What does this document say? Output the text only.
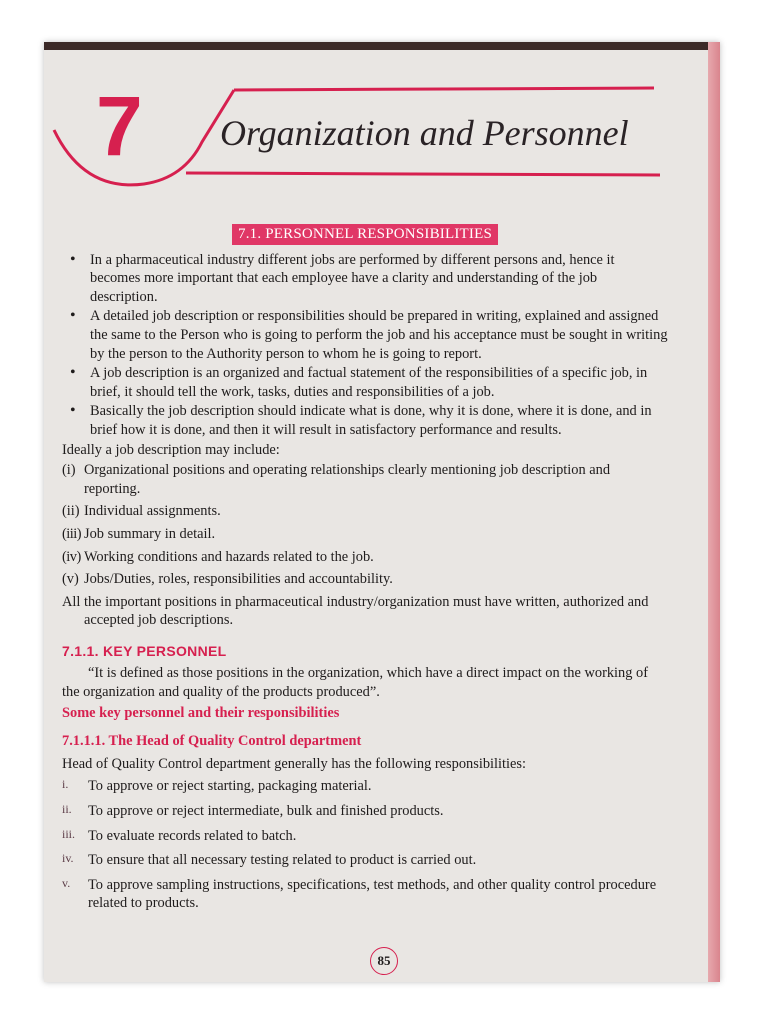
7 Organization and Personnel
7.1. PERSONNEL RESPONSIBILITIES
• In a pharmaceutical industry different jobs are performed by different persons and, hence it becomes more important that each employee have a clarity and understanding of the job description.
• A detailed job description or responsibilities should be prepared in writing, explained and assigned the same to the Person who is going to perform the job and his acceptance must be sought in writing by the person to the Authority person to whom he is going to report.
• A job description is an organized and factual statement of the responsibilities of a specific job, in brief, it should tell the work, tasks, duties and responsibilities of a job.
• Basically the job description should indicate what is done, why it is done, where it is done, and in brief how it is done, and then it will result in satisfactory performance and results.

Ideally a job description may include:

(i) Organizational positions and operating relationships clearly mentioning job description and reporting.
(ii) Individual assignments.
(iii) Job summary in detail.
(iv) Working conditions and hazards related to the job.
(v) Jobs/Duties, roles, responsibilities and accountability.

All the important positions in pharmaceutical industry/organization must have written, authorized and accepted job descriptions.

7.1.1. KEY PERSONNEL

“It is defined as those positions in the organization, which have a direct impact on the working of the organization and quality of the products produced”.

Some key personnel and their responsibilities

7.1.1.1. The Head of Quality Control department

Head of Quality Control department generally has the following responsibilities:

i. To approve or reject starting, packaging material.
ii. To approve or reject intermediate, bulk and finished products.
iii. To evaluate records related to batch.
iv. To ensure that all necessary testing related to product is carried out.
v. To approve sampling instructions, specifications, test methods, and other quality control procedure related to products.
85
